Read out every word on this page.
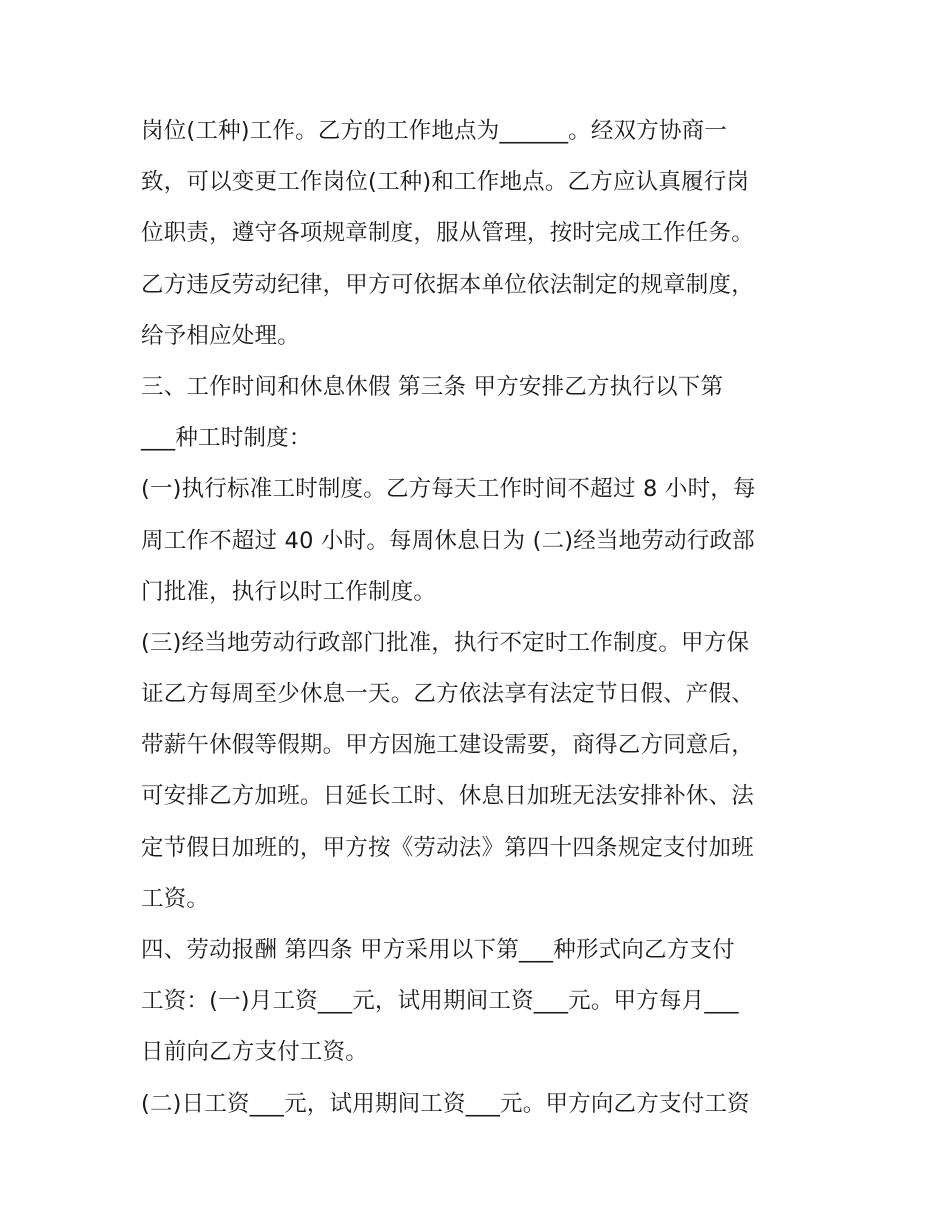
岗位(工种)工作。乙方的工作地点为______。经双方协商一
致，可以变更工作岗位(工种)和工作地点。乙方应认真履行岗
位职责，遵守各项规章制度，服从管理，按时完成工作任务。
乙方违反劳动纪律，甲方可依据本单位依法制定的规章制度，
给予相应处理。
三、工作时间和休息休假 第三条 甲方安排乙方执行以下第
___种工时制度：
(一)执行标准工时制度。乙方每天工作时间不超过 8 小时，每
周工作不超过 40 小时。每周休息日为 (二)经当地劳动行政部
门批准，执行以时工作制度。
(三)经当地劳动行政部门批准，执行不定时工作制度。甲方保
证乙方每周至少休息一天。乙方依法享有法定节日假、产假、
带薪午休假等假期。甲方因施工建设需要，商得乙方同意后，
可安排乙方加班。日延长工时、休息日加班无法安排补休、法
定节假日加班的，甲方按《劳动法》第四十四条规定支付加班
工资。
四、劳动报酬 第四条 甲方采用以下第___种形式向乙方支付
工资：(一)月工资___元，试用期间工资___元。甲方每月___
日前向乙方支付工资。
(二)日工资___元，试用期间工资___元。甲方向乙方支付工资
